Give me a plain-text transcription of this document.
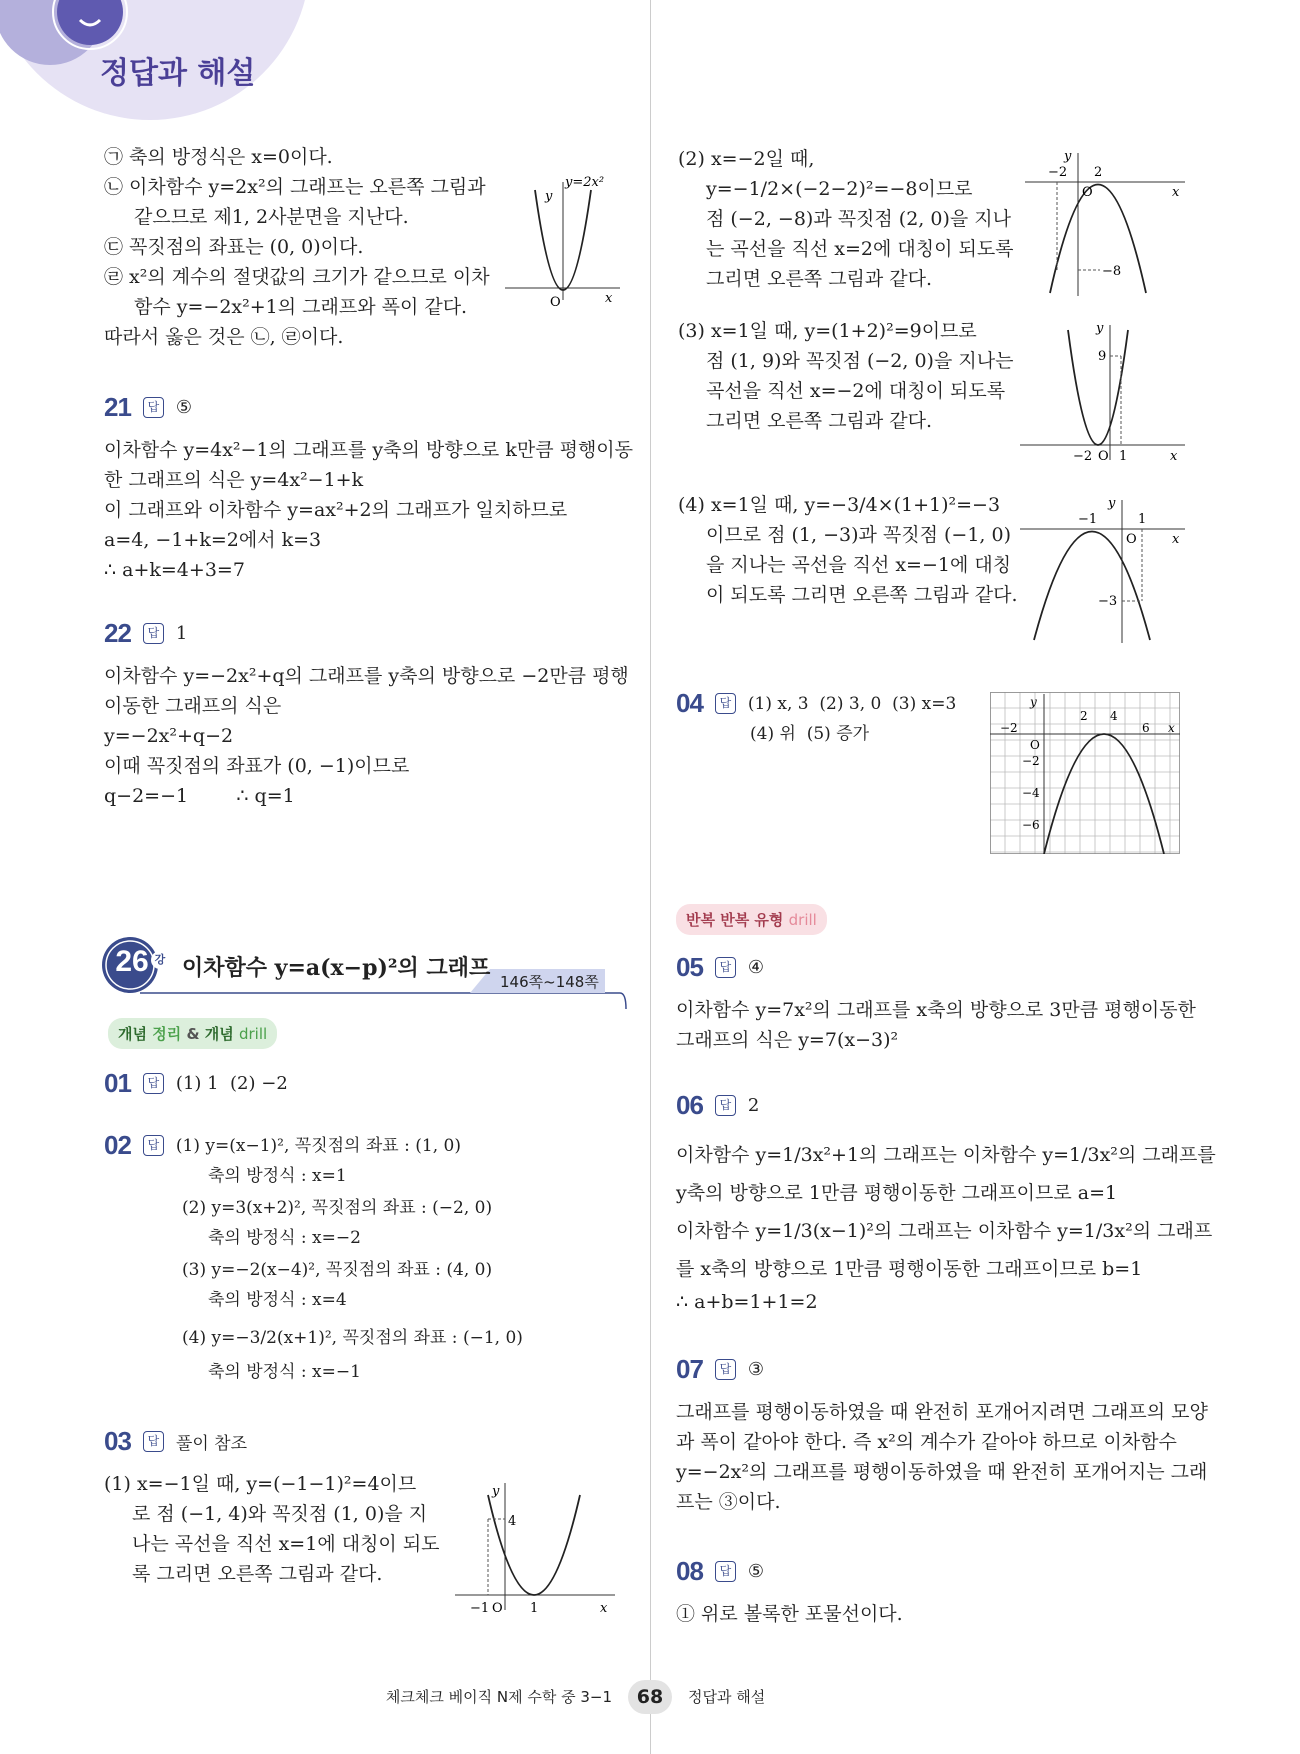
정답과 해설
㉠ 축의 방정식은 x=0이다.
㉡ 이차함수 y=2x²의 그래프는 오른쪽 그림과
같으므로 제1, 2사분면을 지난다.
㉢ 꼭짓점의 좌표는 (0, 0)이다.
㉣ x²의 계수의 절댓값의 크기가 같으므로 이차
함수 y=−2x²+1의 그래프와 폭이 같다.
따라서 옳은 것은 ㉡, ㉣이다.
O	x
y
y=2x²
21	답 ⑤
이차함수 y=4x²−1의 그래프를 y축의 방향으로 k만큼 평행이동
한 그래프의 식은 y=4x²−1+k
이 그래프와 이차함수 y=ax²+2의 그래프가 일치하므로
a=4, −1+k=2에서 k=3
∴ a+k=4+3=7
22	답 1
이차함수 y=−2x²+q의 그래프를 y축의 방향으로 −2만큼 평행
이동한 그래프의 식은
y=−2x²+q−2
이때 꼭짓점의 좌표가 (0, −1)이므로
q−2=−1        ∴ q=1
26 강 이차함수 y=a(x−p)²의 그래프
146쪽~148쪽
개념 정리 & 개념 drill
01	답 (1) 1  (2) −2
02	답 (1) y=(x−1)², 꼭짓점의 좌표 : (1, 0)
축의 방정식 : x=1
(2) y=3(x+2)², 꼭짓점의 좌표 : (−2, 0)
축의 방정식 : x=−2
(3) y=−2(x−4)², 꼭짓점의 좌표 : (4, 0)
축의 방정식 : x=4
(4) y=−3/2(x+1)², 꼭짓점의 좌표 : (−1, 0)
축의 방정식 : x=−1
03	답 풀이 참조
(1) x=−1일 때, y=(−1−1)²=4이므
로 점 (−1, 4)와 꼭짓점 (1, 0)을 지
나는 곡선을 직선 x=1에 대칭이 되도
록 그리면 오른쪽 그림과 같다.
4
−1 O 1	x
y
(2) x=−2일 때,
y=−1/2×(−2−2)²=−8이므로
점 (−2, −8)과 꼭짓점 (2, 0)을 지나
는 곡선을 직선 x=2에 대칭이 되도록
그리면 오른쪽 그림과 같다.
−2 2
O
−8
x
y
(3) x=1일 때, y=(1+2)²=9이므로
점 (1, 9)와 꼭짓점 (−2, 0)을 지나는
곡선을 직선 x=−2에 대칭이 되도록
그리면 오른쪽 그림과 같다.
9
−2 O 1	x
y
(4) x=1일 때, y=−3/4×(1+1)²=−3
이므로 점 (1, −3)과 꼭짓점 (−1, 0)
을 지나는 곡선을 직선 x=−1에 대칭
이 되도록 그리면 오른쪽 그림과 같다.
−1	1
O
−3
x
y
04	답 (1) x, 3  (2) 3, 0  (3) x=3
(4) 위  (5) 증가	−2
O
2 4
6 x
y
−2
−4
−6
반복 반복 유형 drill
05	답 ④
이차함수 y=7x²의 그래프를 x축의 방향으로 3만큼 평행이동한
그래프의 식은 y=7(x−3)²
06	답 2
이차함수 y=1/3x²+1의 그래프는 이차함수 y=1/3x²의 그래프를
y축의 방향으로 1만큼 평행이동한 그래프이므로 a=1
이차함수 y=1/3(x−1)²의 그래프는 이차함수 y=1/3x²의 그래프
를 x축의 방향으로 1만큼 평행이동한 그래프이므로 b=1
∴ a+b=1+1=2
07	답 ③
그래프를 평행이동하였을 때 완전히 포개어지려면 그래프의 모양
과 폭이 같아야 한다. 즉 x²의 계수가 같아야 하므로 이차함수
y=−2x²의 그래프를 평행이동하였을 때 완전히 포개어지는 그래
프는 ③이다.
08	답 ⑤
① 위로 볼록한 포물선이다.
체크체크 베이직 N제 수학 중 3−1	68	정답과 해설
